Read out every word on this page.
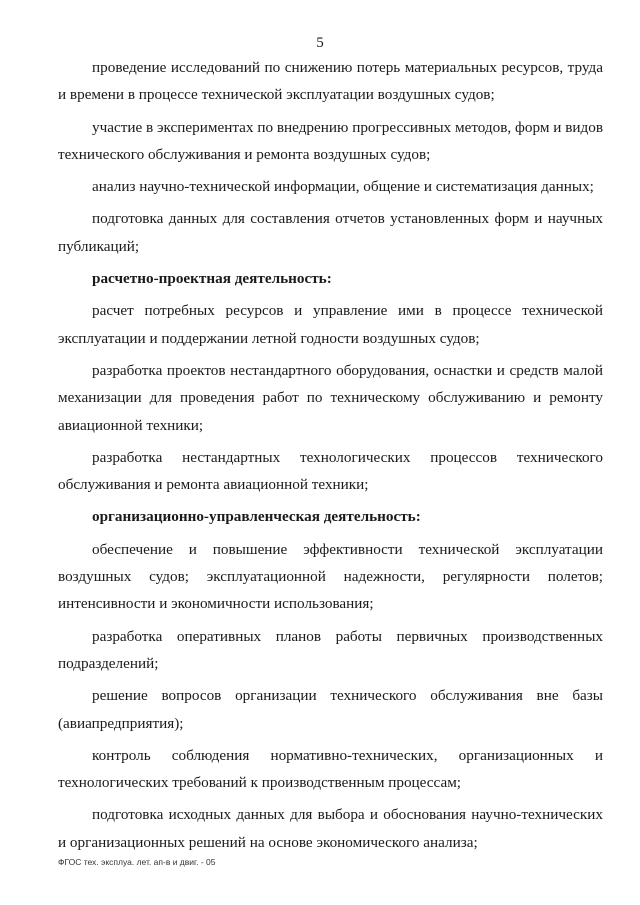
5

проведение исследований по снижению потерь материальных ресурсов, труда и времени в процессе технической эксплуатации воздушных судов;

участие в экспериментах по внедрению прогрессивных методов, форм и видов технического обслуживания и ремонта воздушных судов;

анализ научно-технической информации, общение и систематизация данных;

подготовка данных для составления отчетов установленных форм и научных публикаций;

расчетно-проектная деятельность:

расчет потребных ресурсов и управление ими в процессе технической эксплуатации и поддержании летной годности воздушных судов;

разработка проектов нестандартного оборудования, оснастки и средств малой механизации для проведения работ по техническому обслуживанию и ремонту авиационной техники;

разработка нестандартных технологических процессов технического обслуживания и ремонта авиационной техники;

организационно-управленческая деятельность:

обеспечение и повышение эффективности технической эксплуатации воздушных судов; эксплуатационной надежности, регулярности полетов; интенсивности и экономичности использования;

разработка оперативных планов работы первичных производственных подразделений;

решение вопросов организации технического обслуживания вне базы (авиапредприятия);

контроль соблюдения нормативно-технических, организационных и технологических требований к производственным процессам;

подготовка исходных данных для выбора и обоснования научно-технических и организационных решений на основе экономического анализа;

ФГОС тех. эксплуа. лет. ап-в и двиг. - 05
